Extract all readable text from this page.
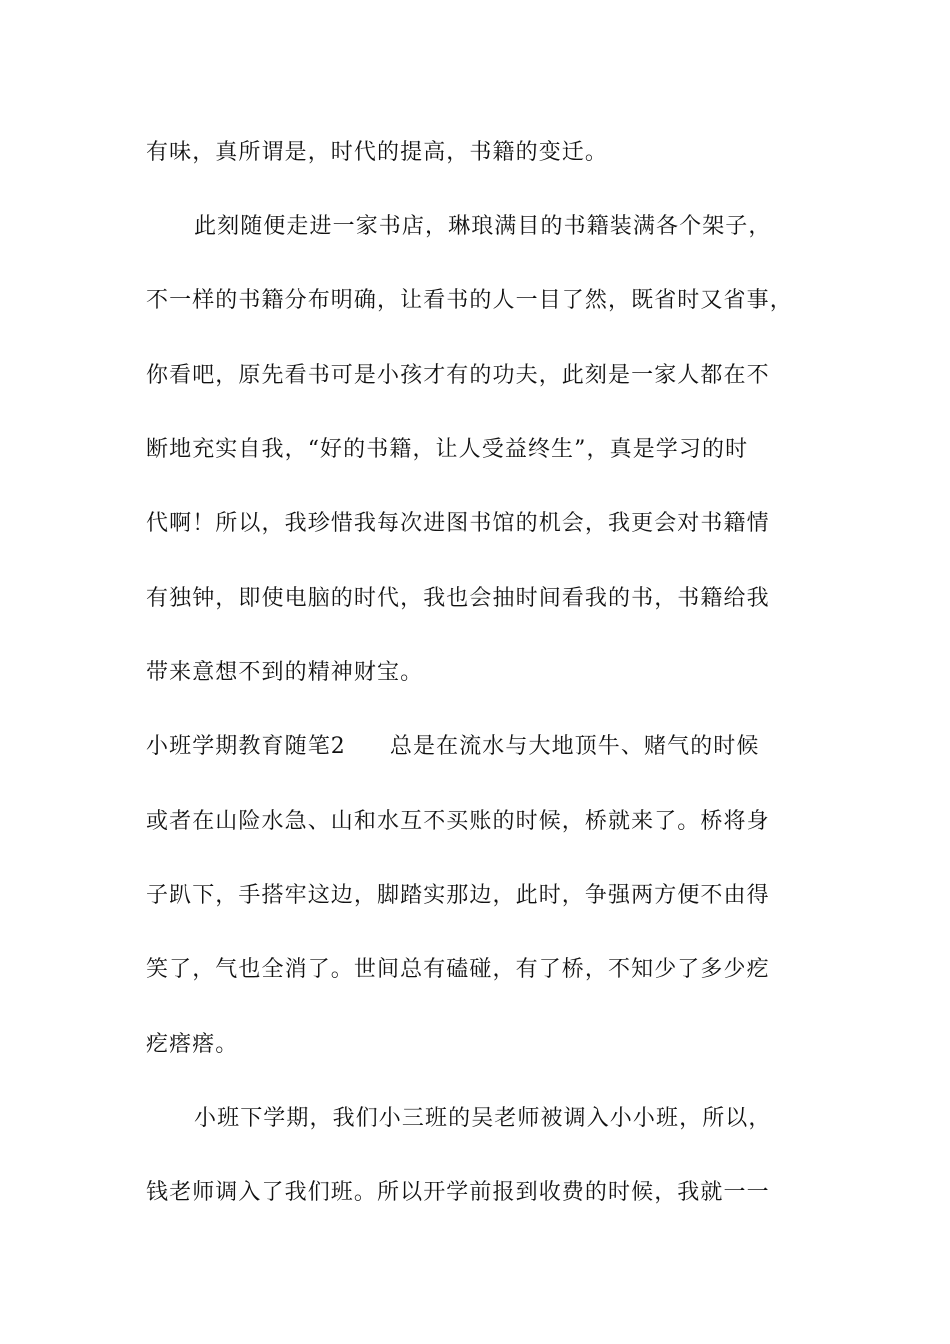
有味，真所谓是，时代的提高，书籍的变迁。
此刻随便走进一家书店，琳琅满目的书籍装满各个架子，
不一样的书籍分布明确，让看书的人一目了然，既省时又省事，
你看吧，原先看书可是小孩才有的功夫，此刻是一家人都在不
断地充实自我，“好的书籍，让人受益终生”，真是学习的时
代啊！所以，我珍惜我每次进图书馆的机会，我更会对书籍情
有独钟，即使电脑的时代，我也会抽时间看我的书，书籍给我
带来意想不到的精神财宝。
小班学期教育随笔2 总是在流水与大地顶牛、赌气的时候
或者在山险水急、山和水互不买账的时候，桥就来了。桥将身
子趴下，手搭牢这边，脚踏实那边，此时，争强两方便不由得
笑了，气也全消了。世间总有磕碰，有了桥，不知少了多少疙
疙瘩瘩。
小班下学期，我们小三班的吴老师被调入小小班，所以，
钱老师调入了我们班。所以开学前报到收费的时候，我就一一
